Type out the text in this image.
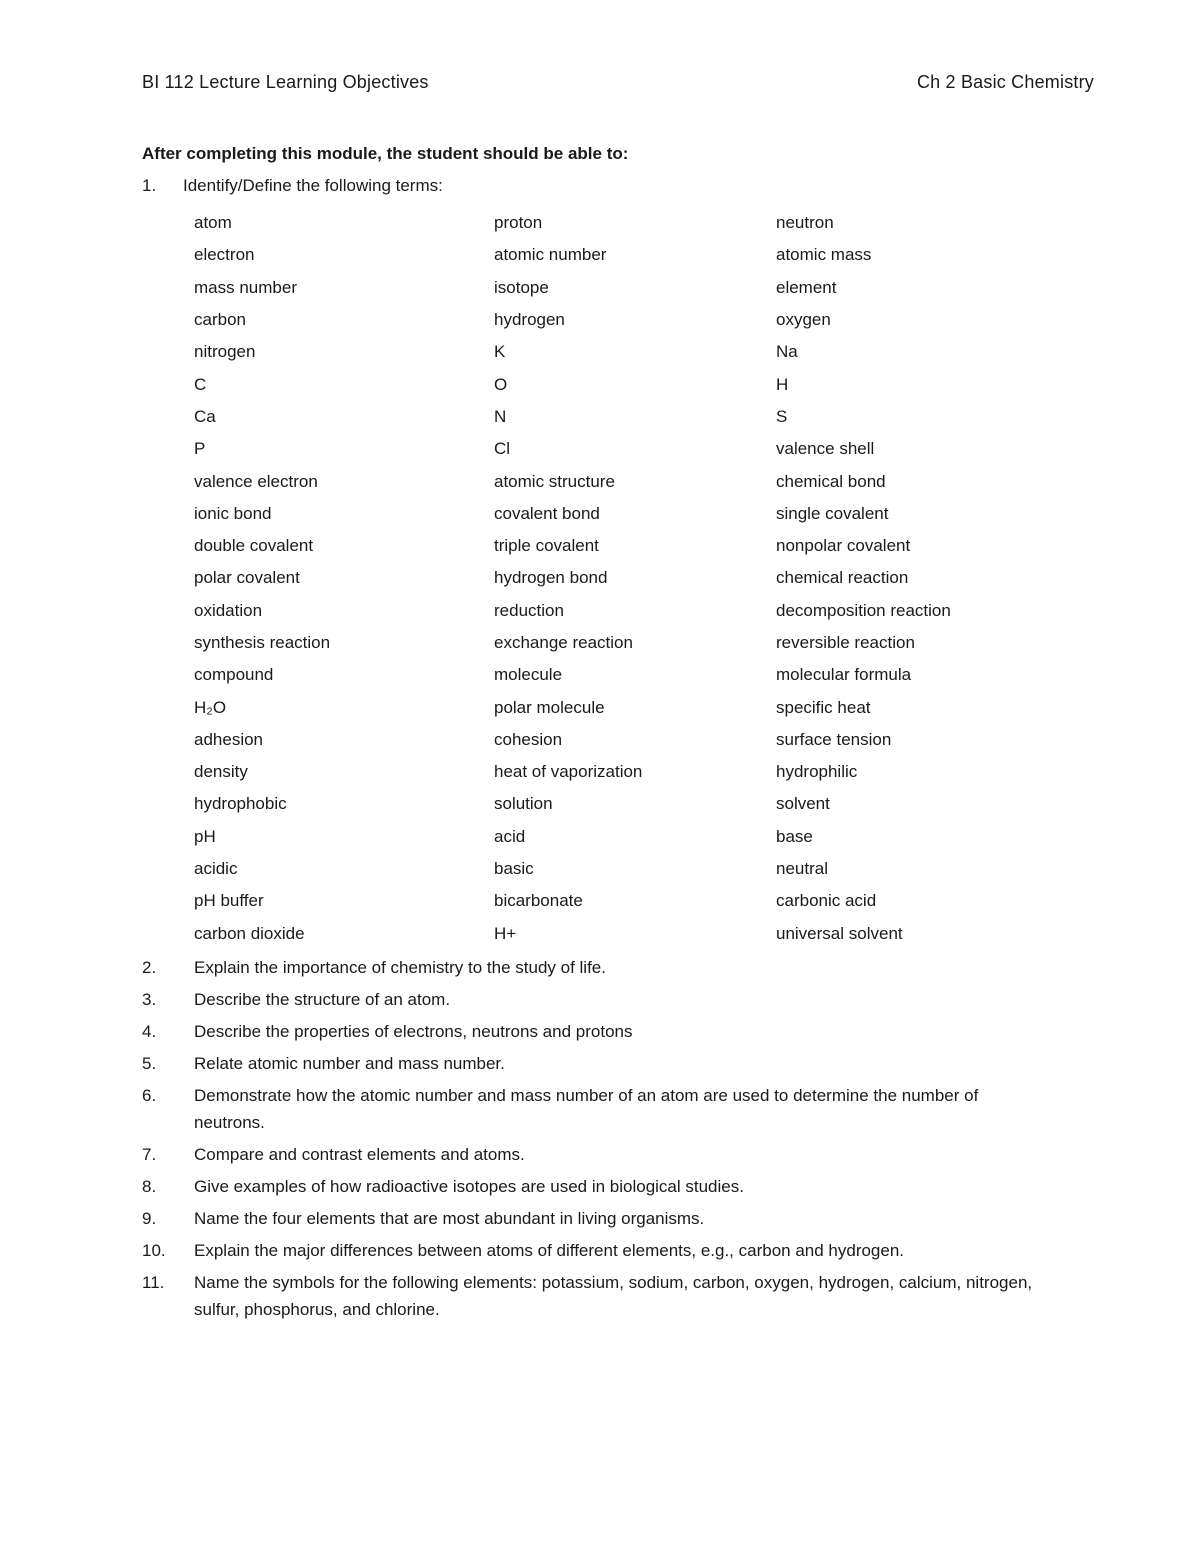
BI 112 Lecture Learning Objectives	Ch 2 Basic Chemistry
After completing this module, the student should be able to:
1. Identify/Define the following terms:
atom	proton	neutron
electron	atomic number	atomic mass
mass number	isotope	element
carbon	hydrogen	oxygen
nitrogen	K	Na
C	O	H
Ca	N	S
P	Cl	valence shell
valence electron	atomic structure	chemical bond
ionic bond	covalent bond	single covalent
double covalent	triple covalent	nonpolar covalent
polar covalent	hydrogen bond	chemical reaction
oxidation	reduction	decomposition reaction
synthesis reaction	exchange reaction	reversible reaction
compound	molecule	molecular formula
H₂O	polar molecule	specific heat
adhesion	cohesion	surface tension
density	heat of vaporization	hydrophilic
hydrophobic	solution	solvent
pH	acid	base
acidic	basic	neutral
pH buffer	bicarbonate	carbonic acid
carbon dioxide	H+	universal solvent
2.	Explain the importance of chemistry to the study of life.
3.	Describe the structure of an atom.
4.	Describe the properties of electrons, neutrons and protons
5.	Relate atomic number and mass number.
6.	Demonstrate how the atomic number and mass number of an atom are used to determine the number of neutrons.
7.	Compare and contrast elements and atoms.
8.	Give examples of how radioactive isotopes are used in biological studies.
9.	Name the four elements that are most abundant in living organisms.
10.	Explain the major differences between atoms of different elements, e.g., carbon and hydrogen.
11.	Name the symbols for the following elements: potassium, sodium, carbon, oxygen, hydrogen, calcium, nitrogen, sulfur, phosphorus, and chlorine.
